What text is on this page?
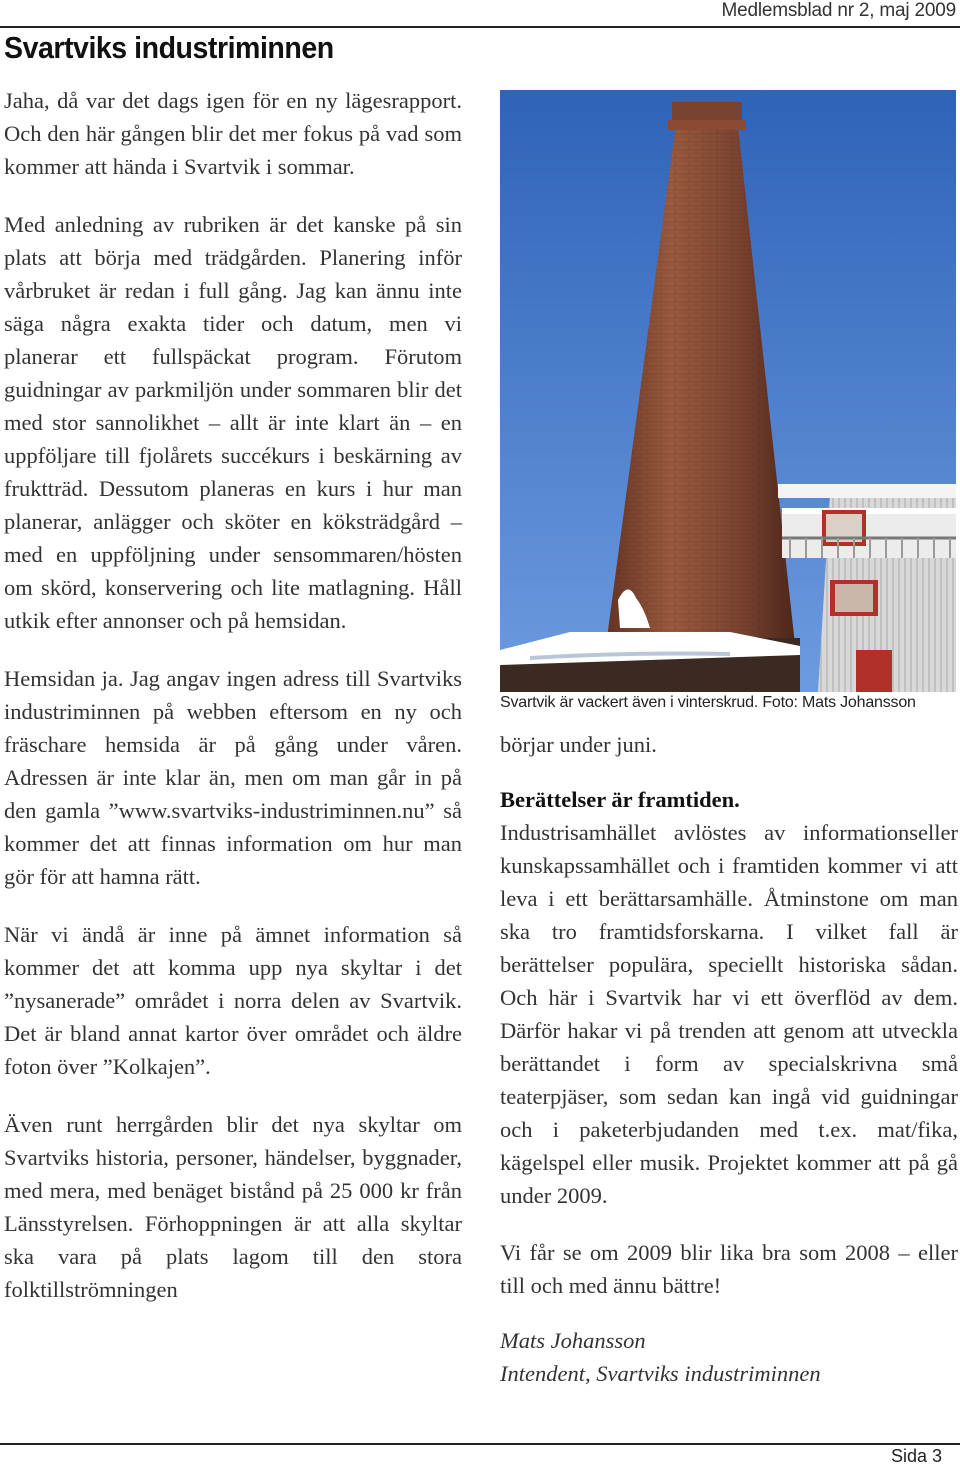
Medlemsblad nr 2, maj 2009
Svartviks industriminnen

Jaha, då var det dags igen för en ny lägesrapport. Och den här gången blir det mer fokus på vad som kommer att hända i Svartvik i sommar.

Med anledning av rubriken är det kanske på sin plats att börja med trädgården. Planering inför vårbruket är redan i full gång. Jag kan ännu inte säga några exakta tider och datum, men vi planerar ett fullspäckat program. Förutom guidningar av parkmiljön under sommaren blir det med stor sannolikhet – allt är inte klart än – en uppföljare till fjolårets succékurs i beskärning av fruktträd. Dessutom planeras en kurs i hur man planerar, anlägger och sköter en köksträdgård – med en uppföljning under sensommaren/hösten om skörd, konservering och lite matlagning. Håll utkik efter annonser och på hemsidan.

Hemsidan ja. Jag angav ingen adress till Svartviks industriminnen på webben eftersom en ny och fräschare hemsida är på gång under våren. Adressen är inte klar än, men om man går in på den gamla ”www.svartviks-industriminnen.nu” så kommer det att finnas information om hur man gör för att hamna rätt.

När vi ändå är inne på ämnet information så kommer det att komma upp nya skyltar i det ”nysanerade” området i norra delen av Svartvik. Det är bland annat kartor över området och äldre foton över ”Kolkajen”.

Även runt herrgården blir det nya skyltar om Svartviks historia, personer, händelser, byggnader, med mera, med benäget bistånd på 25 000 kr från Länsstyrelsen. Förhoppningen är att alla skyltar ska vara på plats lagom till den stora folktillströmningen

Svartvik är vackert även i vinterskrud. Foto: Mats Johansson

börjar under juni.

Berättelser är framtiden.

Industrisamhället avlöstes av informationseller kunskapssamhället och i framtiden kommer vi att leva i ett berättarsamhälle. Åtminstone om man ska tro framtidsforskarna. I vilket fall är berättelser populära, speciellt historiska sådan. Och här i Svartvik har vi ett överflöd av dem. Därför hakar vi på trenden att genom att utveckla berättandet i form av specialskrivna små teaterpjäser, som sedan kan ingå vid guidningar och i paketerbjudanden med t.ex. mat/fika, kägelspel eller musik. Projektet kommer att på gå under 2009.

Vi får se om 2009 blir lika bra som 2008 – eller till och med ännu bättre!

Mats Johansson

Intendent, Svartviks industriminnen

Sida 3
